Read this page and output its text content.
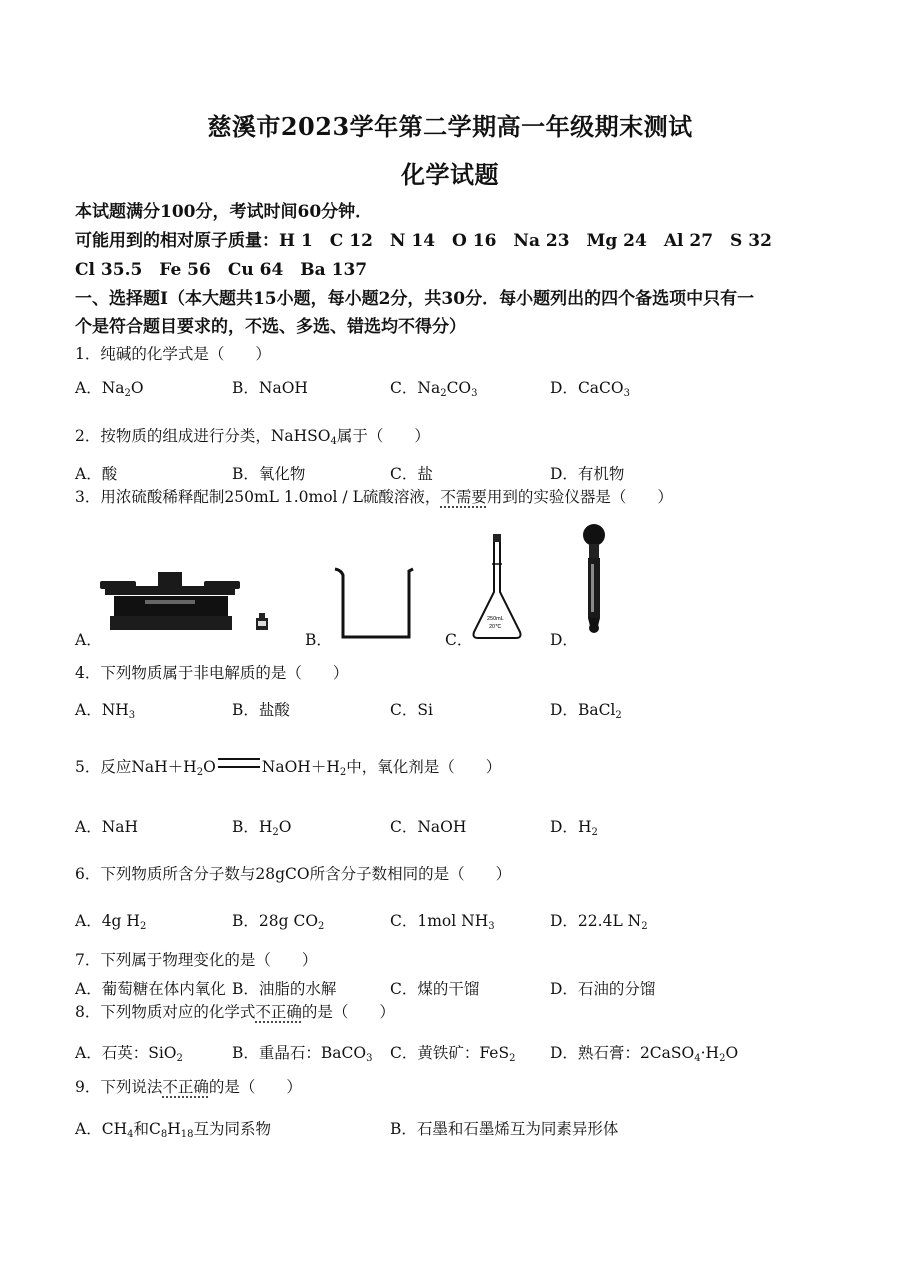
慈溪市2023学年第二学期高一年级期末测试
化学试题
本试题满分100分，考试时间60分钟．
可能用到的相对原子质量：H 1　C 12　N 14　O 16　Na 23　Mg 24　Al 27　S 32
Cl 35.5　Fe 56　Cu 64　Ba 137
一、选择题Ⅰ（本大题共15小题，每小题2分，共30分．每小题列出的四个备选项中只有一
个是符合题目要求的，不选、多选、错选均不得分）
1．纯碱的化学式是（　　）
A．$Na_2O$	B．NaOH	C．$Na_2CO_3$	D．CaCO$_3$
2．按物质的组成进行分类，NaHSO$_4$属于（　　）
A．酸	B．氧化物	C．盐	D．有机物
3．用浓硫酸稀释配制250mL 1.0mol / L硫酸溶液，不需要用到的实验仪器是（　　）
A．	B．	C．
250mL
20℃
D．
4．下列物质属于非电解质的是（　　）
A．$NH_3$	B．盐酸	C．Si	D．BaCl$_2$
5．反应$NaH+H_2O$	$NaOH+H_2$中，氧化剂是（　　）
A．NaH	B．$H_2O$	C．NaOH	D．$H_2$
6．下列物质所含分子数与28gCO所含分子数相同的是（　　）
A．4g $H_2$	B．28g $CO_2$	C．1mol $NH_3$	D．22.4L $N_2$
7．下列属于物理变化的是（　　）
A．葡萄糖在体内氧化 B．油脂的水解	C．煤的干馏	D．石油的分馏
8．下列物质对应的化学式不正确的是（　　）
A．石英：SiO$_2$	B．重晶石：BaCO$_3$ C．黄铁矿：FeS$_2$ D．熟石膏：$2CaSO_4\cdot H_2O$
9．下列说法不正确的是（　　）
A．$CH_4$和$C_8H_{18}$互为同系物	B．石墨和石墨烯互为同素异形体
